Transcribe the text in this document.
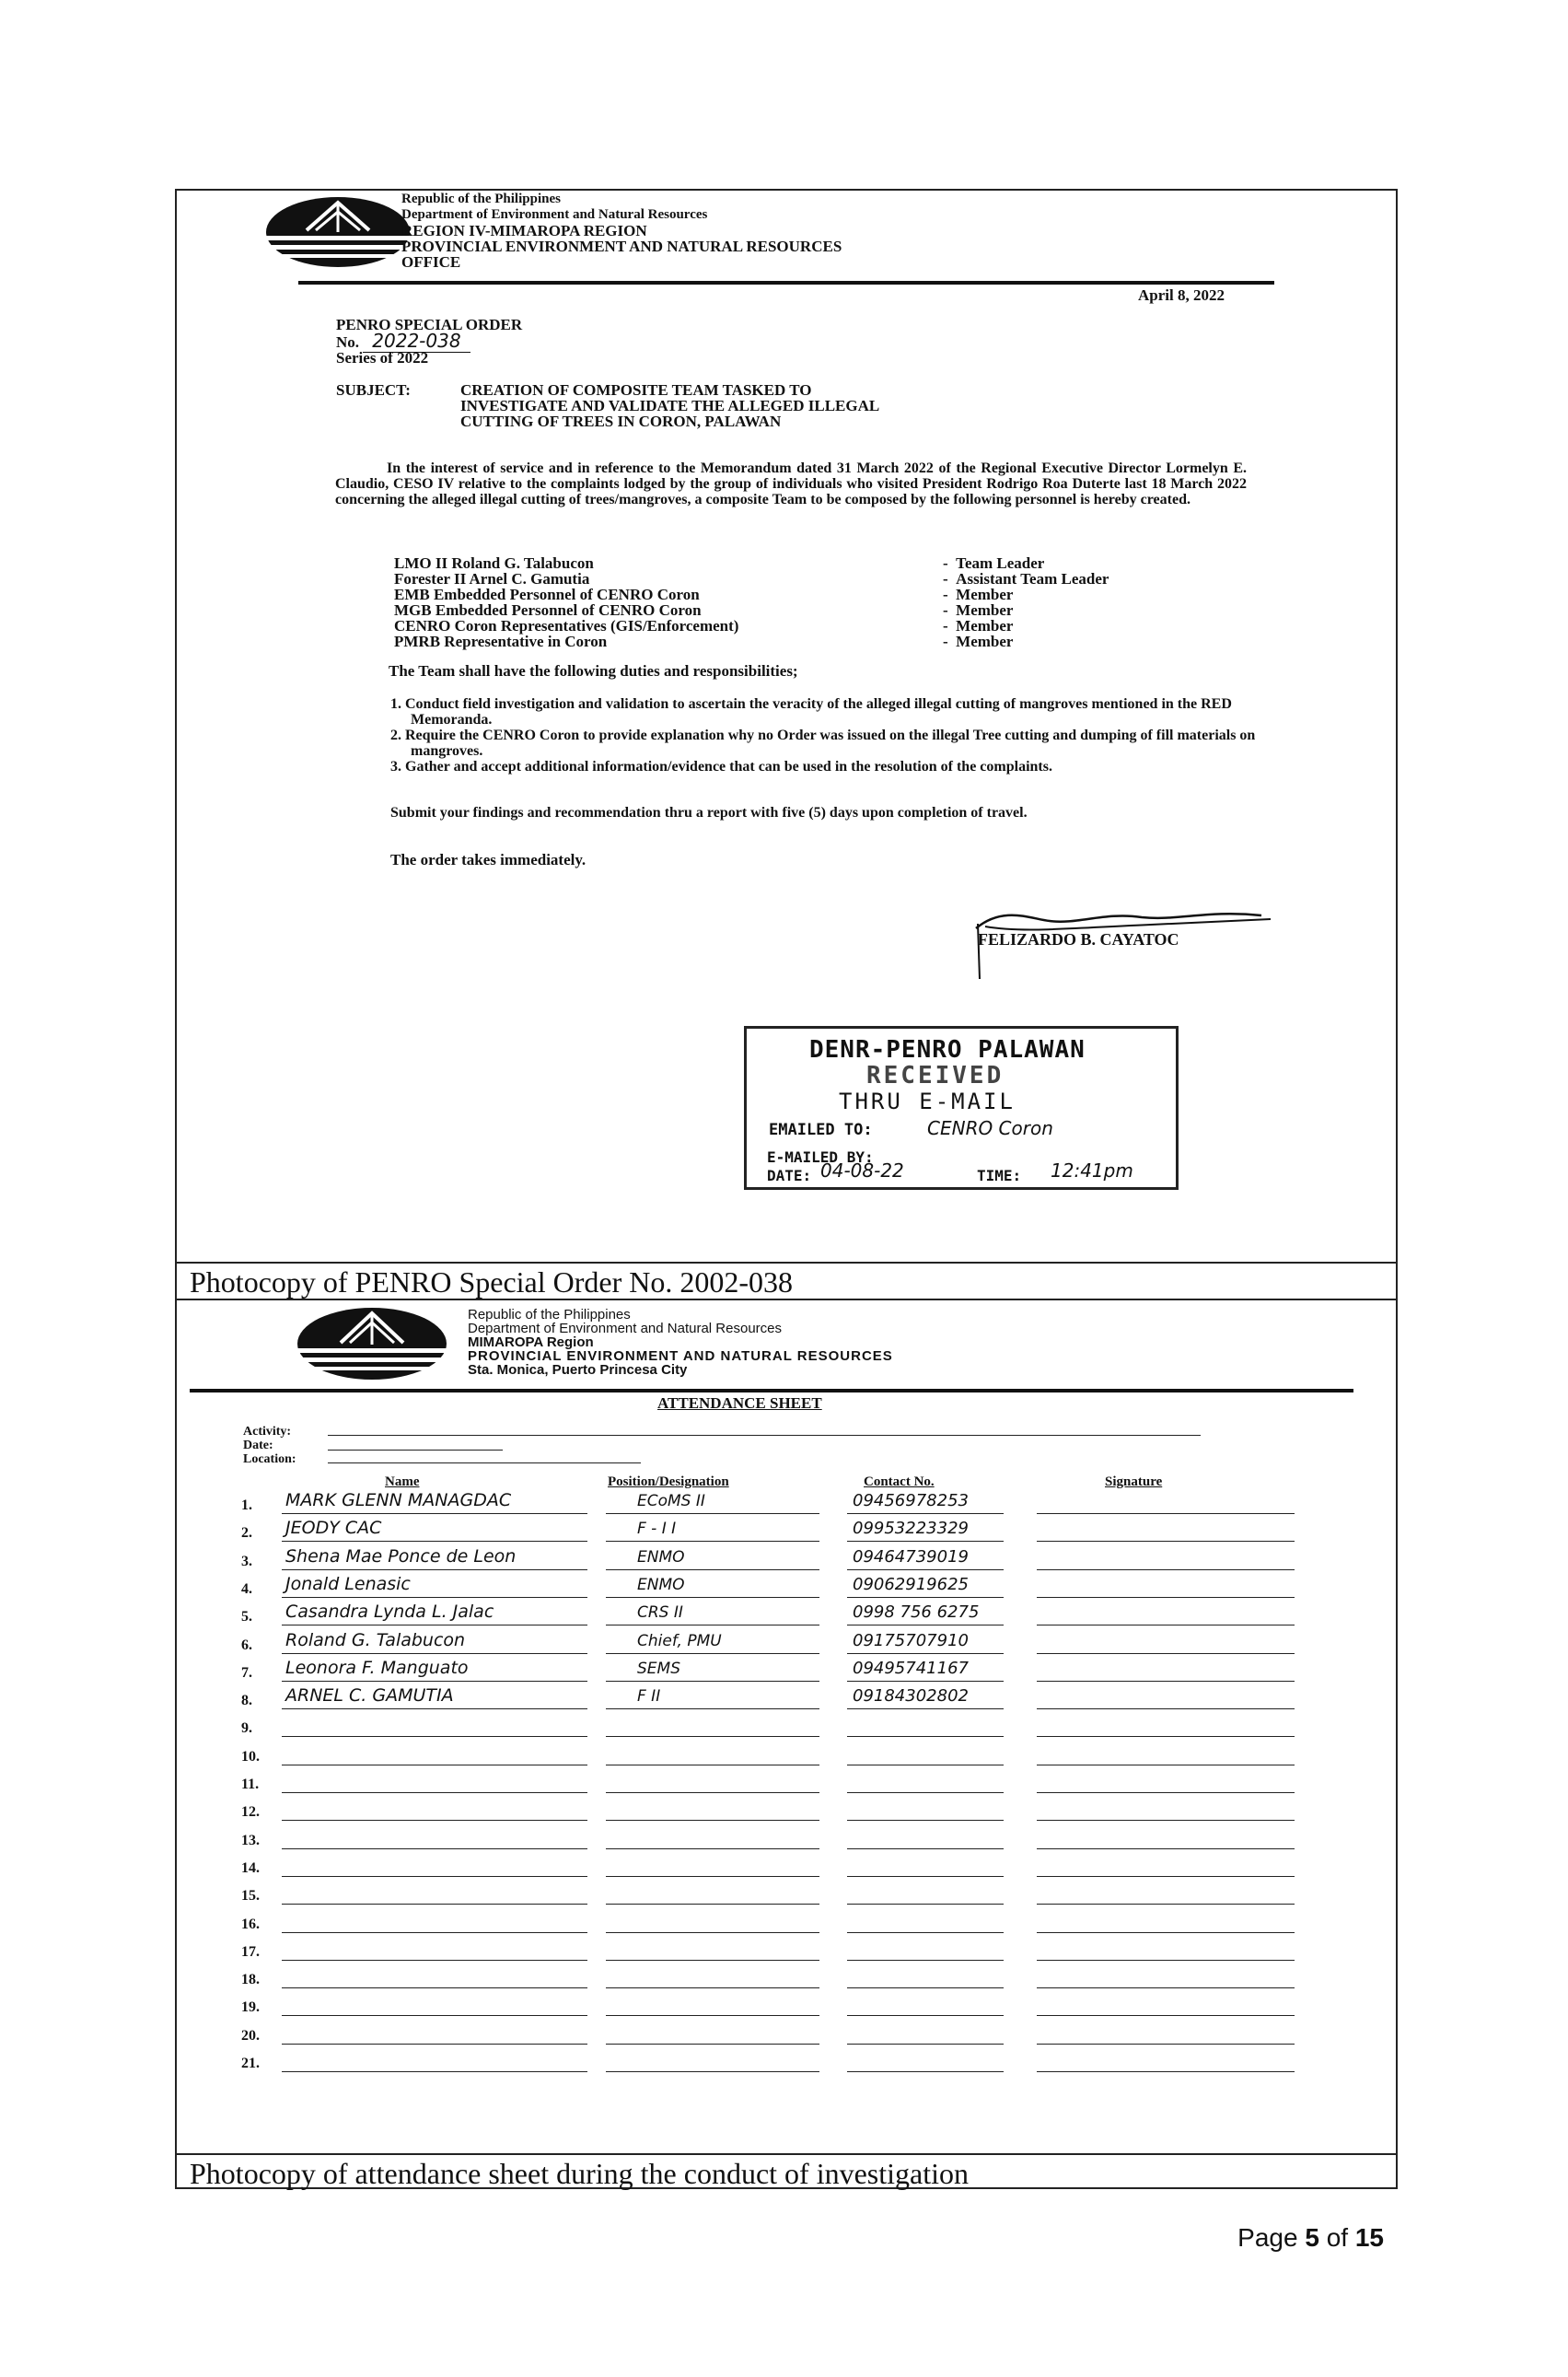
Republic of the Philippines
Department of Environment and Natural Resources
REGION IV-MIMAROPA REGION
PROVINCIAL ENVIRONMENT AND NATURAL RESOURCES
OFFICE
April 8, 2022
PENRO SPECIAL ORDER
No. 2022-038
Series of 2022
SUBJECT:	CREATION OF COMPOSITE TEAM TASKED TO
INVESTIGATE AND VALIDATE THE ALLEGED ILLEGAL
CUTTING OF TREES IN CORON, PALAWAN
In the interest of service and in reference to the Memorandum dated 31 March 2022 of the Regional Executive Director Lormelyn E. Claudio, CESO IV relative to the complaints lodged by the group of individuals who visited President Rodrigo Roa Duterte last 18 March 2022 concerning the alleged illegal cutting of trees/mangroves, a composite Team to be composed by the following personnel is hereby created.
LMO II Roland G. Talabucon	-  Team Leader
Forester II Arnel C. Gamutia	-  Assistant Team Leader
EMB Embedded Personnel of CENRO Coron	-  Member
MGB Embedded Personnel of CENRO Coron	-  Member
CENRO Coron Representatives (GIS/Enforcement)	-  Member
PMRB Representative in Coron	-  Member
The Team shall have the following duties and responsibilities;
1. Conduct field investigation and validation to ascertain the veracity of the alleged illegal cutting of mangroves mentioned in the RED Memoranda.
2. Require the CENRO Coron to provide explanation why no Order was issued on the illegal Tree cutting and dumping of fill materials on mangroves.
3. Gather and accept additional information/evidence that can be used in the resolution of the complaints.
Submit your findings and recommendation thru a report with five (5) days upon completion of travel.
The order takes immediately.
FELIZARDO B. CAYATOC
DENR-PENRO PALAWAN
RECEIVED
THRU E-MAIL
EMAILED TO:	CENRO Coron
E-MAILED BY:
DATE: 04-08-22	TIME: 12:41pm
Photocopy of PENRO Special Order No. 2002-038
Republic of the Philippines
Department of Environment and Natural Resources
MIMAROPA Region
PROVINCIAL ENVIRONMENT AND NATURAL RESOURCES
Sta. Monica, Puerto Princesa City
ATTENDANCE SHEET
Activity:
Date:
Location:
Name	Position/Designation	Contact No.	Signature
1. MARK GLENN MANAGDAC	ECoMS II	09456978253
2. JEODY CAC	F - I I	09953223329
3. Shena Mae Ponce de Leon	ENMO	09464739019
4. Jonald Lenasic	ENMO	09062919625
5. Casandra Lynda L. Jalac	CRS II	0998 756 6275
6. Roland G. Talabucon	Chief, PMU	09175707910
7. Leonora F. Manguato	SEMS	09495741167
8. ARNEL C. GAMUTIA	F II	09184302802
9.
10.
11.
12.
13.
14.
15.
16.
17.
18.
19.
20.
21.
Photocopy of attendance sheet during the conduct of investigation
Page 5 of 15
